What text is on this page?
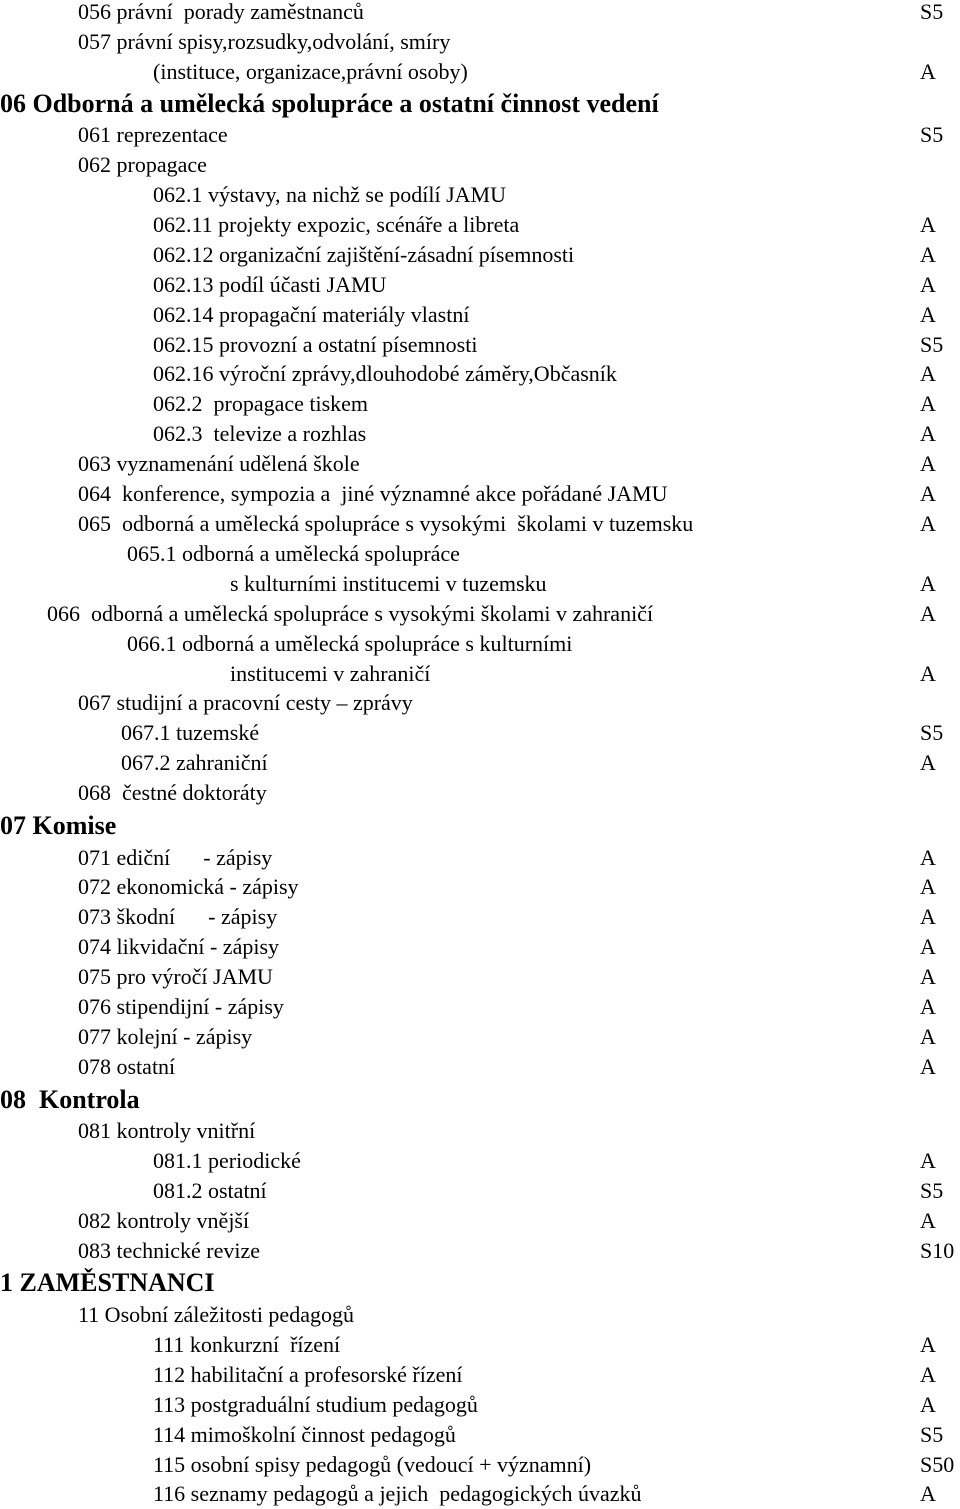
056 právní  porady zaměstnanců	S5
057 právní spisy,rozsudky,odvolání, smíry
(instituce, organizace,právní osoby)	A
06 Odborná a umělecká spolupráce a ostatní činnost vedení
061 reprezentace	S5
062 propagace
062.1 výstavy, na nichž se podílí JAMU
062.11 projekty expozic, scénáře a libreta	A
062.12 organizační zajištění-zásadní písemnosti	A
062.13 podíl účasti JAMU	A
062.14 propagační materiály vlastní	A
062.15 provozní a ostatní písemnosti	S5
062.16 výroční zprávy,dlouhodobé záměry,Občasník	A
062.2  propagace tiskem	A
062.3  televize a rozhlas	A
063 vyznamenání udělená škole	A
064  konference, sympozia a  jiné významné akce pořádané JAMU	A
065  odborná a umělecká spolupráce s vysokými  školami v tuzemsku	A
065.1 odborná a umělecká spolupráce
s kulturními institucemi v tuzemsku	A
066  odborná a umělecká spolupráce s vysokými školami v zahraničí	A
066.1 odborná a umělecká spolupráce s kulturními
institucemi v zahraničí	A
067 studijní a pracovní cesty – zprávy
067.1 tuzemské	S5
067.2 zahraniční	A
068  čestné doktoráty
07 Komise
071 ediční      - zápisy	A
072 ekonomická - zápisy	A
073 škodní      - zápisy	A
074 likvidační - zápisy	A
075 pro výročí JAMU	A
076 stipendijní - zápisy	A
077 kolejní - zápisy	A
078 ostatní	A
08  Kontrola
081 kontroly vnitřní
081.1 periodické	A
081.2 ostatní	S5
082 kontroly vnější	A
083 technické revize	S10
1 ZAMĚSTNANCI
11 Osobní záležitosti pedagogů
111 konkurzní  řízení	A
112 habilitační a profesorské řízení	A
113 postgraduální studium pedagogů	A
114 mimoškolní činnost pedagogů	S5
115 osobní spisy pedagogů (vedoucí + významní)	S50
116 seznamy pedagogů a jejich  pedagogických úvazků	A
